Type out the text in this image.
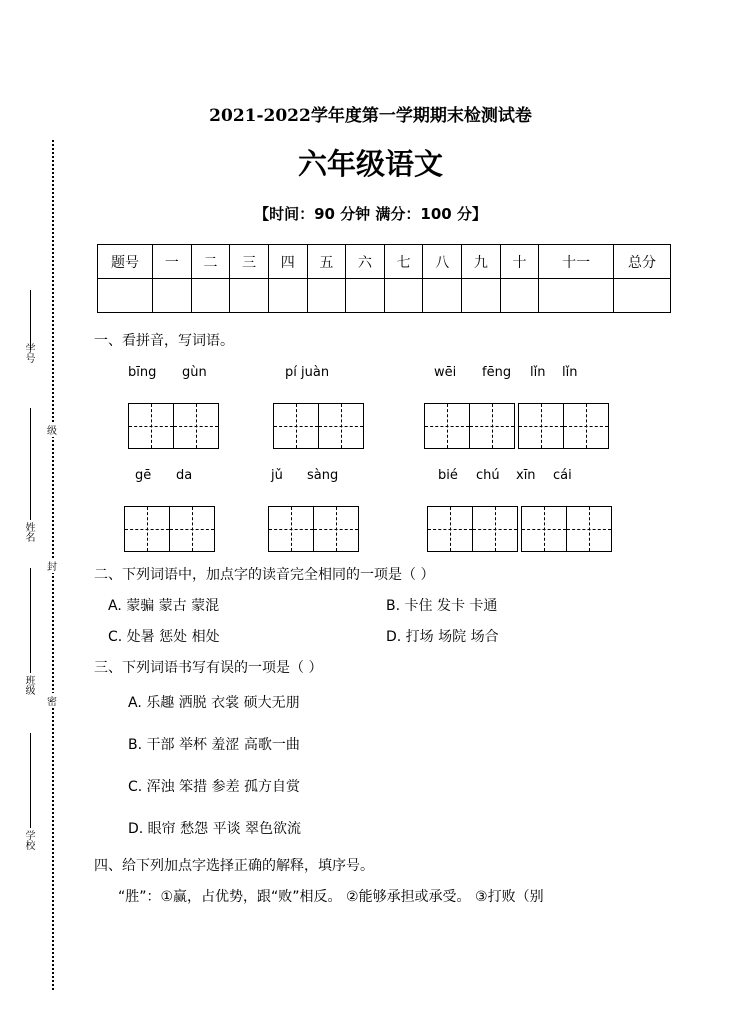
学号
姓名
班级
学校
级
封
密
2021-2022学年度第一学期期末检测试卷
六年级语文
【时间：90 分钟 满分：100 分】
题号	一	二	三	四	五	六	七	八	九	十	十一	总分

一、看拼音，写词语。
bīng gùn	pí juàn	wēi fēng lǐn lǐn
gē da	jǔ sàng	bié chú xīn cái
二、下列词语中，加点字的读音完全相同的一项是（ ）
A. 蒙骗 蒙古 蒙混	B. 卡住 发卡 卡通
C. 处暑 惩处 相处	D. 打场 场院 场合
三、下列词语书写有误的一项是（ ）
A. 乐趣 洒脱 衣裳 硕大无朋
B. 干部 举杯 羞涩 高歌一曲
C. 浑浊 笨措 参差 孤方自赏
D. 眼帘 愁怨 平谈 翠色欲流
四、给下列加点字选择正确的解释，填序号。
“胜”：①赢，占优势，跟“败”相反。 ②能够承担或承受。 ③打败（别
